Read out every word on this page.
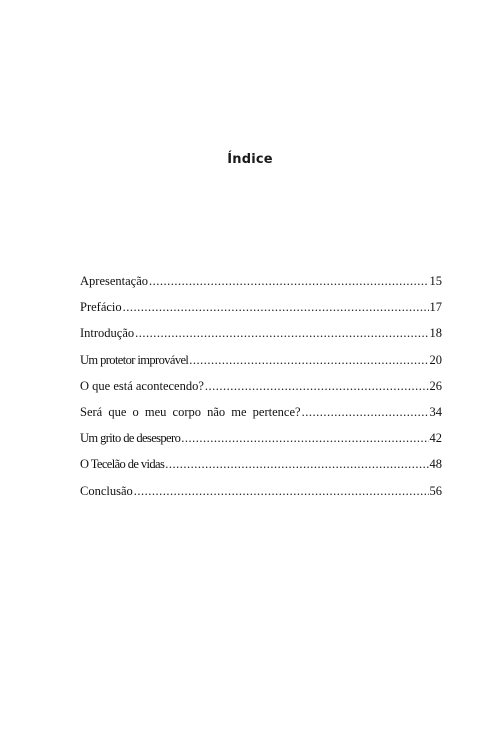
Índice
Apresentação .....	15
Prefácio .....	17
Introdução .....	18
Um protetor improvável .....	20
O que está acontecendo? .....	26
Será que o meu corpo não me pertence? .....	34
Um grito de desespero .....	42
O Tecelão de vidas .....	48
Conclusão .....	56
